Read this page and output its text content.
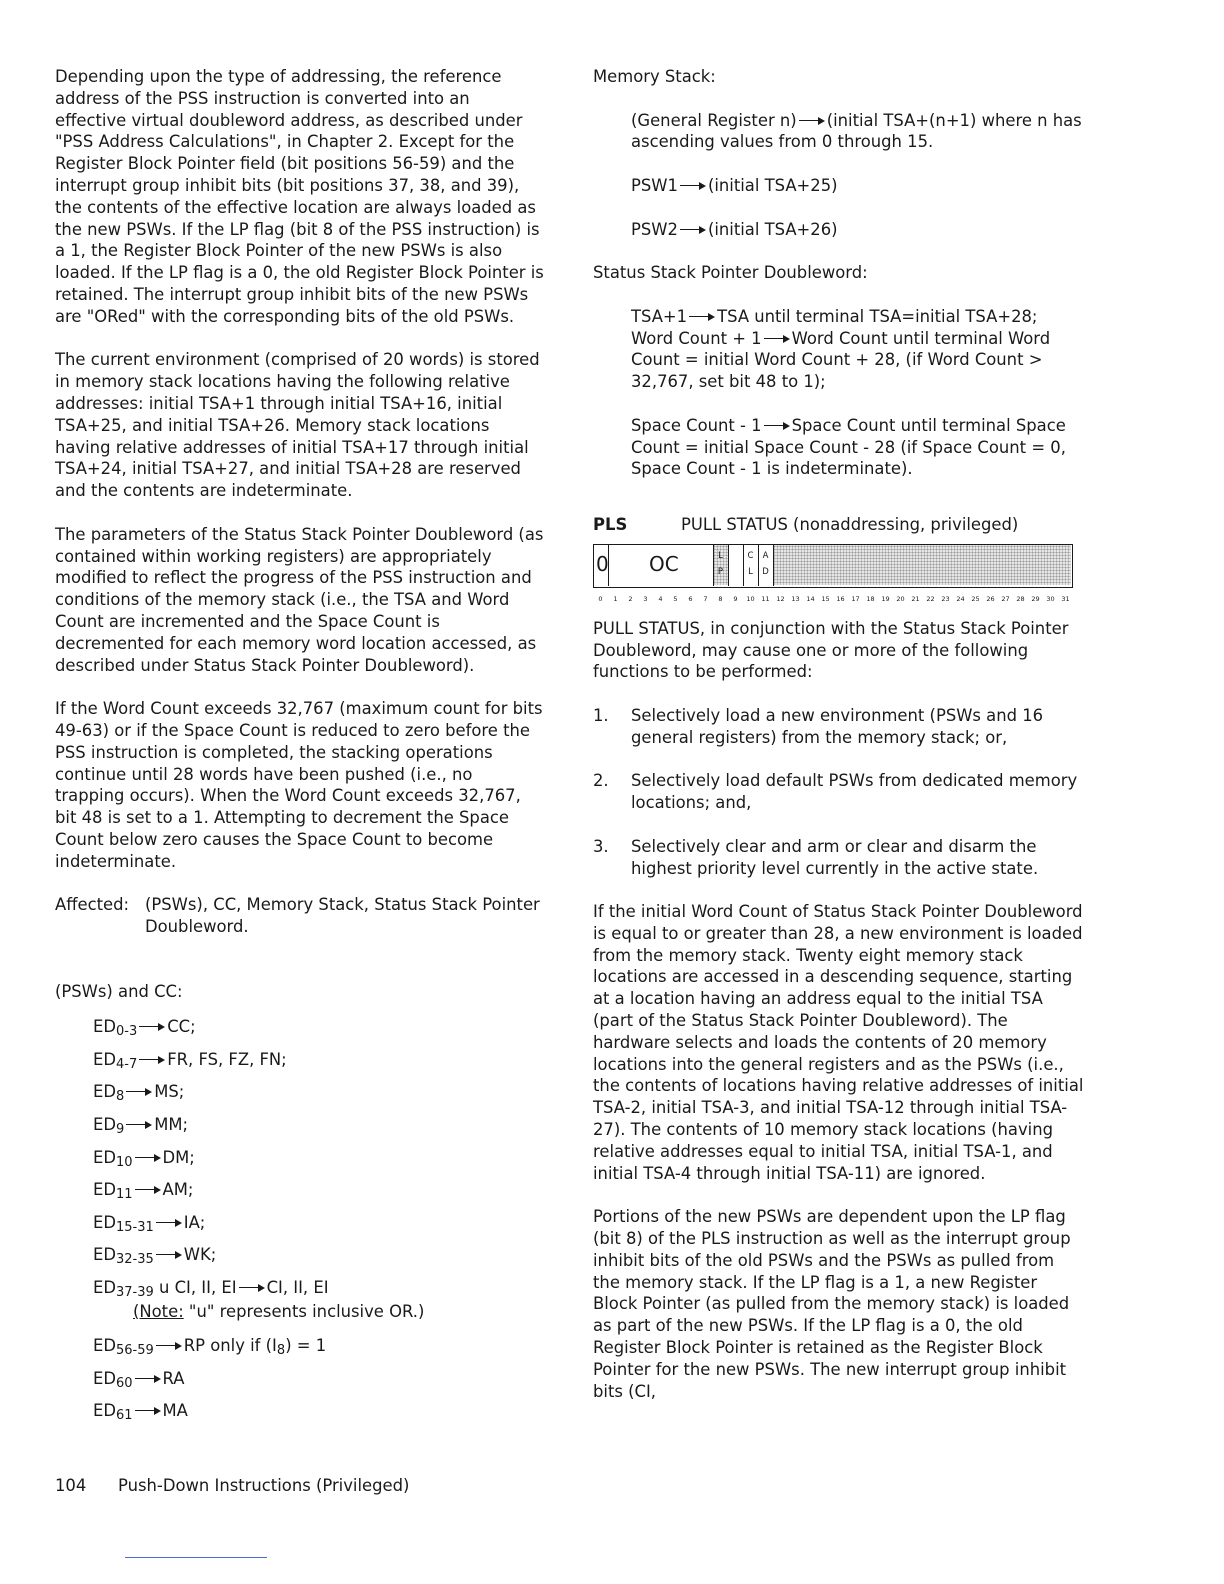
Depending upon the type of addressing, the reference address of the PSS instruction is converted into an effective virtual doubleword address, as described under "PSS Address Calculations", in Chapter 2. Except for the Register Block Pointer field (bit positions 56-59) and the interrupt group inhibit bits (bit positions 37, 38, and 39), the contents of the effective location are always loaded as the new PSWs. If the LP flag (bit 8 of the PSS instruction) is a 1, the Register Block Pointer of the new PSWs is also loaded. If the LP flag is a 0, the old Register Block Pointer is retained. The interrupt group inhibit bits of the new PSWs are "ORed" with the corresponding bits of the old PSWs.

The current environment (comprised of 20 words) is stored in memory stack locations having the following relative addresses: initial TSA+1 through initial TSA+16, initial TSA+25, and initial TSA+26. Memory stack locations having relative addresses of initial TSA+17 through initial TSA+24, initial TSA+27, and initial TSA+28 are reserved and the contents are indeterminate.

The parameters of the Status Stack Pointer Doubleword (as contained within working registers) are appropriately modified to reflect the progress of the PSS instruction and conditions of the memory stack (i.e., the TSA and Word Count are incremented and the Space Count is decremented for each memory word location accessed, as described under Status Stack Pointer Doubleword).

If the Word Count exceeds 32,767 (maximum count for bits 49-63) or if the Space Count is reduced to zero before the PSS instruction is completed, the stacking operations continue until 28 words have been pushed (i.e., no trapping occurs). When the Word Count exceeds 32,767, bit 48 is set to a 1. Attempting to decrement the Space Count below zero causes the Space Count to become indeterminate.

Affected: (PSWs), CC, Memory Stack, Status Stack Pointer Doubleword.

(PSWs) and CC:

$ED_{0-3}$ CC;
$ED_{4-7}$ FR, FS, FZ, FN;
$ED_8$ MS;
$ED_9$ MM;
$ED_{10}$ DM;
$ED_{11}$ AM;
$ED_{15-31}$ IA;
$ED_{32-35}$ WK;
$ED_{37-39}$ u CI, II, EI CI, II, EI
(Note: "u" represents inclusive OR.)
$ED_{56-59}$ RP only if $(I_8) = 1$
$ED_{60}$ RA
$ED_{61}$ MA

Memory Stack:

(General Register n) (initial TSA+(n+1) where n has ascending values from 0 through 15.

PSW1 (initial TSA+25)

PSW2 (initial TSA+26)

Status Stack Pointer Doubleword:

TSA+1 TSA until terminal TSA=initial TSA+28;

Word Count + 1 Word Count until terminal Word Count = initial Word Count + 28, (if Word Count > 32,767, set bit 48 to 1);

Space Count - 1 Space Count until terminal Space Count = initial Space Count - 28 (if Space Count = 0, Space Count - 1 is indeterminate).

PLS	PULL STATUS (nonaddressing, privileged)
0 OC	L
P
C
L
A
D
0	1	2	3	4	5	6	7	8	9	10	11	12	13	14	15	16	17	18	19	20	21	22	23	24	25	26	27	28	29	30	31

PULL STATUS, in conjunction with the Status Stack Pointer Doubleword, may cause one or more of the following functions to be performed:

1.	Selectively load a new environment (PSWs and 16 general registers) from the memory stack; or,
2.	Selectively load default PSWs from dedicated memory locations; and,
3.	Selectively clear and arm or clear and disarm the highest priority level currently in the active state.

If the initial Word Count of Status Stack Pointer Doubleword is equal to or greater than 28, a new environment is loaded from the memory stack. Twenty eight memory stack locations are accessed in a descending sequence, starting at a location having an address equal to the initial TSA (part of the Status Stack Pointer Doubleword). The hardware selects and loads the contents of 20 memory locations into the general registers and as the PSWs (i.e., the contents of locations having relative addresses of initial TSA-2, initial TSA-3, and initial TSA-12 through initial TSA-27). The contents of 10 memory stack locations (having relative addresses equal to initial TSA, initial TSA-1, and initial TSA-4 through initial TSA-11) are ignored.

Portions of the new PSWs are dependent upon the LP flag (bit 8) of the PLS instruction as well as the interrupt group inhibit bits of the old PSWs and the PSWs as pulled from the memory stack. If the LP flag is a 1, a new Register Block Pointer (as pulled from the memory stack) is loaded as part of the new PSWs. If the LP flag is a 0, the old Register Block Pointer is retained as the Register Block Pointer for the new PSWs. The new interrupt group inhibit bits (CI,

104 Push-Down Instructions (Privileged)
